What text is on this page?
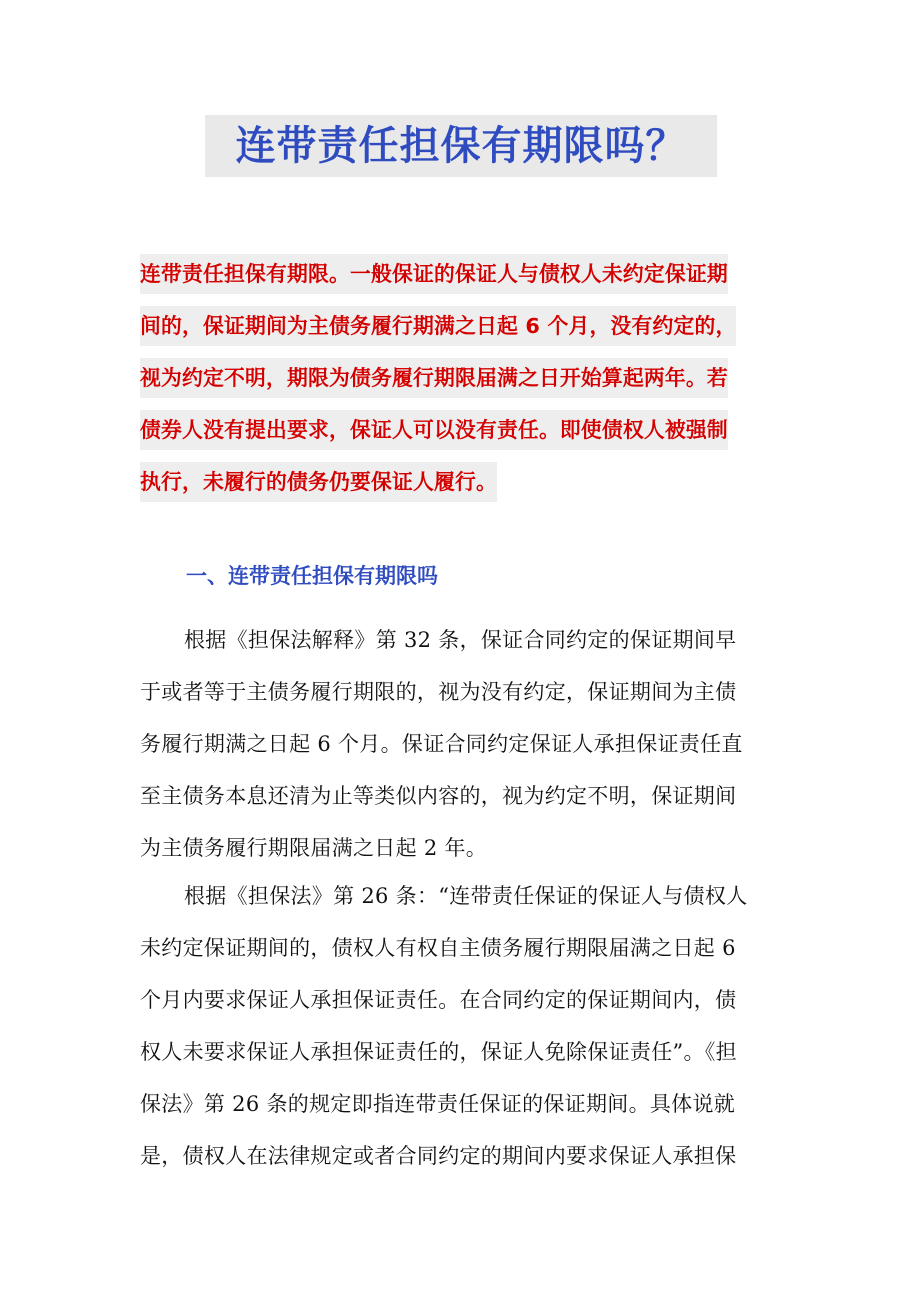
连带责任担保有期限吗？
连带责任担保有期限。一般保证的保证人与债权人未约定保证期
间的，保证期间为主债务履行期满之日起 6 个月，没有约定的，
视为约定不明，期限为债务履行期限届满之日开始算起两年。若
债券人没有提出要求，保证人可以没有责任。即使债权人被强制
执行，未履行的债务仍要保证人履行。
一、连带责任担保有期限吗
根据《担保法解释》第 32 条，保证合同约定的保证期间早
于或者等于主债务履行期限的，视为没有约定，保证期间为主债
务履行期满之日起 6 个月。保证合同约定保证人承担保证责任直
至主债务本息还清为止等类似内容的，视为约定不明，保证期间
为主债务履行期限届满之日起 2 年。
根据《担保法》第 26 条：“连带责任保证的保证人与债权人
未约定保证期间的，债权人有权自主债务履行期限届满之日起 6
个月内要求保证人承担保证责任。在合同约定的保证期间内，债
权人未要求保证人承担保证责任的，保证人免除保证责任”。《担
保法》第 26 条的规定即指连带责任保证的保证期间。具体说就
是，债权人在法律规定或者合同约定的期间内要求保证人承担保
